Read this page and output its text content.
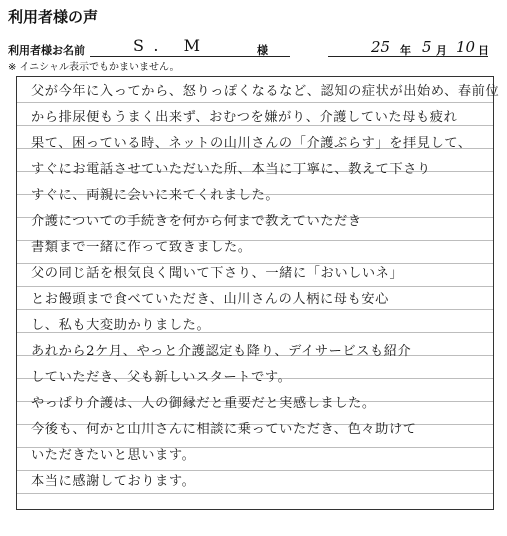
利用者様の声
利用者様お名前	S. M	様	25 年 5 月 10 日
※ イニシャル表示でもかまいません。
父が今年に入ってから、怒りっぽくなるなど、認知の症状が出始め、春前位
から排尿便もうまく出来ず、おむつを嫌がり、介護していた母も疲れ
果て、困っている時、ネットの山川さんの「介護ぷらす」を拝見して、
すぐにお電話させていただいた所、本当に丁寧に、教えて下さり
すぐに、両親に会いに来てくれました。
介護についての手続きを何から何まで教えていただき
書類まで一緒に作って致きました。
父の同じ話を根気良く聞いて下さり、一緒に「おいしいネ」
とお饅頭まで食べていただき、山川さんの人柄に母も安心
し、私も大変助かりました。
あれから2ケ月、やっと介護認定も降り、デイサービスも紹介
していただき、父も新しいスタートです。
やっぱり介護は、人の御縁だと重要だと実感しました。
今後も、何かと山川さんに相談に乗っていただき、色々助けて
いただきたいと思います。
本当に感謝しております。
